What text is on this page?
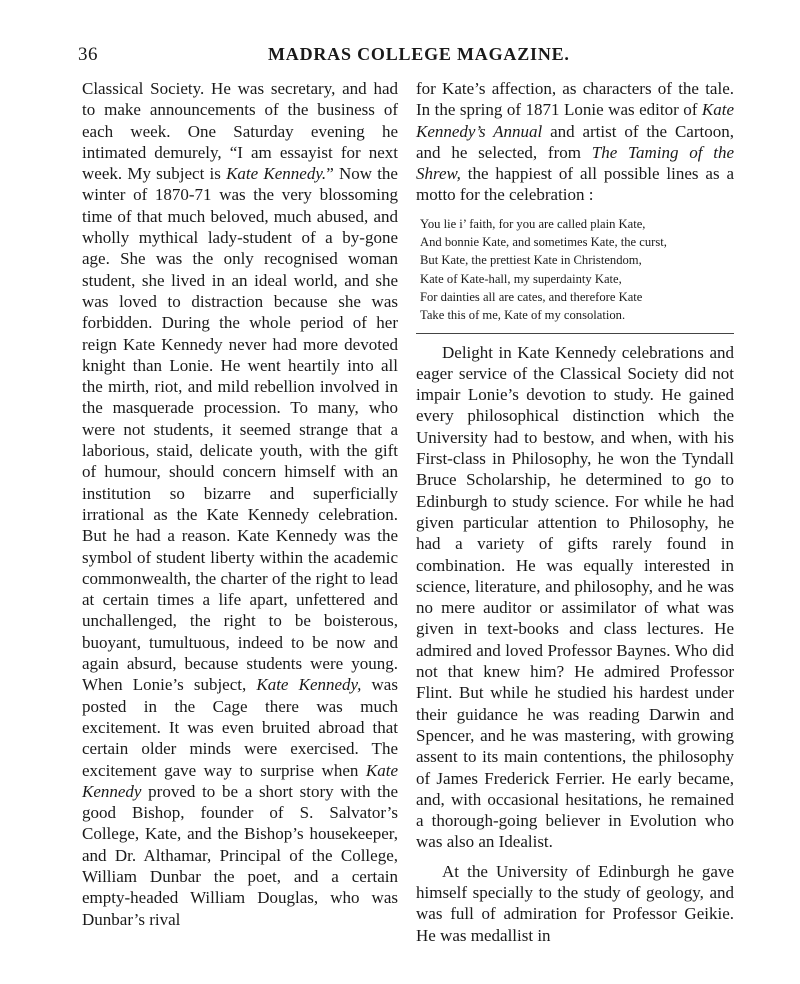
36	MADRAS COLLEGE MAGAZINE.

Classical Society. He was secretary, and had to make announcements of the business of each week. One Saturday evening he intimated demurely, “I am essayist for next week. My subject is Kate Kennedy.” Now the winter of 1870-71 was the very blossoming time of that much beloved, much abused, and wholly mythical lady-student of a by-gone age. She was the only recognised woman student, she lived in an ideal world, and she was loved to distraction because she was forbidden. During the whole period of her reign Kate Kennedy never had more devoted knight than Lonie. He went heartily into all the mirth, riot, and mild rebellion involved in the masquerade procession. To many, who were not students, it seemed strange that a laborious, staid, delicate youth, with the gift of humour, should concern himself with an institution so bizarre and superficially irrational as the Kate Kennedy celebration. But he had a reason. Kate Kennedy was the symbol of student liberty within the academic commonwealth, the charter of the right to lead at certain times a life apart, unfettered and unchallenged, the right to be boisterous, buoyant, tumultuous, indeed to be now and again absurd, because students were young. When Lonie’s subject, Kate Kennedy, was posted in the Cage there was much excitement. It was even bruited abroad that certain older minds were exercised. The excitement gave way to surprise when Kate Kennedy proved to be a short story with the good Bishop, founder of S. Salvator’s College, Kate, and the Bishop’s housekeeper, and Dr. Althamar, Principal of the College, William Dunbar the poet, and a certain empty-headed William Douglas, who was Dunbar’s rival

for Kate’s affection, as characters of the tale. In the spring of 1871 Lonie was editor of Kate Kennedy’s Annual and artist of the Cartoon, and he selected, from The Taming of the Shrew, the happiest of all possible lines as a motto for the celebration :

You lie i’ faith, for you are called plain Kate,
And bonnie Kate, and sometimes Kate, the curst,
But Kate, the prettiest Kate in Christendom,
Kate of Kate-hall, my superdainty Kate,
For dainties all are cates, and therefore Kate
Take this of me, Kate of my consolation.

Delight in Kate Kennedy celebrations and eager service of the Classical Society did not impair Lonie’s devotion to study. He gained every philosophical distinction which the University had to bestow, and when, with his First-class in Philosophy, he won the Tyndall Bruce Scholarship, he determined to go to Edinburgh to study science. For while he had given particular attention to Philosophy, he had a variety of gifts rarely found in combination. He was equally interested in science, literature, and philosophy, and he was no mere auditor or assimilator of what was given in text-books and class lectures. He admired and loved Professor Baynes. Who did not that knew him? He admired Professor Flint. But while he studied his hardest under their guidance he was reading Darwin and Spencer, and he was mastering, with growing assent to its main contentions, the philosophy of James Frederick Ferrier. He early became, and, with occasional hesitations, he remained a thorough-going believer in Evolution who was also an Idealist.

At the University of Edinburgh he gave himself specially to the study of geology, and was full of admiration for Professor Geikie. He was medallist in
